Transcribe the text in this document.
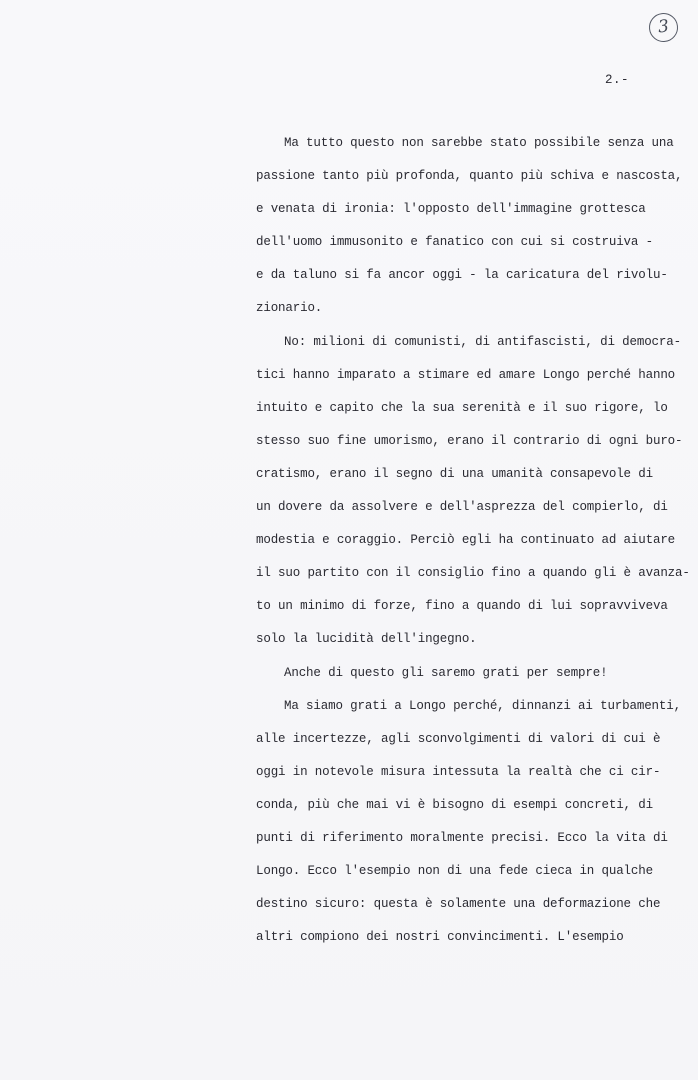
3
2.-
Ma tutto questo non sarebbe stato possibile senza una
passione tanto più profonda, quanto più schiva e nascosta,
e venata di ironia: l'opposto dell'immagine grottesca
dell'uomo immusonito e fanatico con cui si costruiva -
e da taluno si fa ancor oggi - la caricatura del rivolu-
zionario.
No: milioni di comunisti, di antifascisti, di democra-
tici hanno imparato a stimare ed amare Longo perché hanno
intuito e capito che la sua serenità e il suo rigore, lo
stesso suo fine umorismo, erano il contrario di ogni buro-
cratismo, erano il segno di una umanità consapevole di
un dovere da assolvere e dell'asprezza del compierlo, di
modestia e coraggio. Perciò egli ha continuato ad aiutare
il suo partito con il consiglio fino a quando gli è avanza-
to un minimo di forze, fino a quando di lui sopravviveva
solo la lucidità dell'ingegno.
Anche di questo gli saremo grati per sempre!
Ma siamo grati a Longo perché, dinnanzi ai turbamenti,
alle incertezze, agli sconvolgimenti di valori di cui è
oggi in notevole misura intessuta la realtà che ci cir-
conda, più che mai vi è bisogno di esempi concreti, di
punti di riferimento moralmente precisi. Ecco la vita di
Longo. Ecco l'esempio non di una fede cieca in qualche
destino sicuro: questa è solamente una deformazione che
altri compiono dei nostri convincimenti. L'esempio
